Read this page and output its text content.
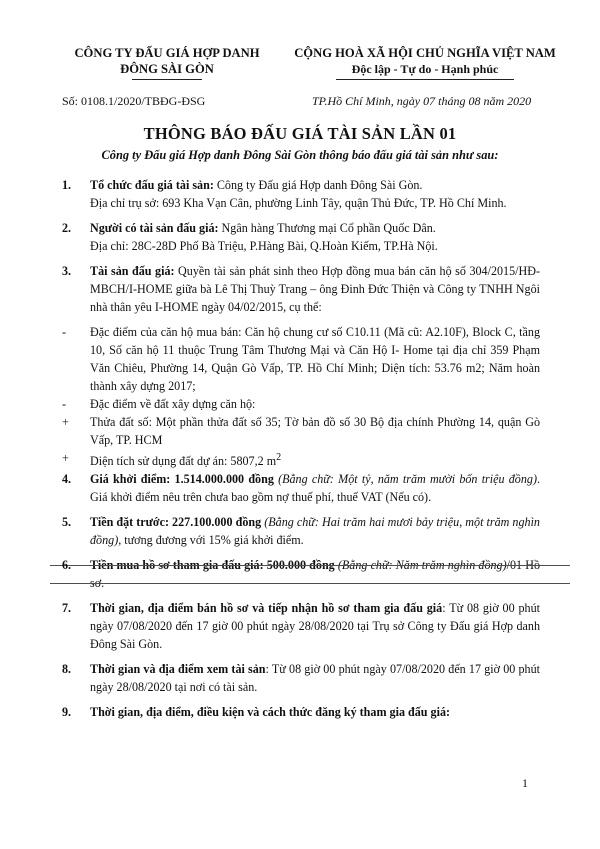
CÔNG TY ĐẤU GIÁ HỢP DANH
ĐÔNG SÀI GÒN
CỘNG HOÀ XÃ HỘI CHỦ NGHĨA VIỆT NAM
Độc lập - Tự do - Hạnh phúc
Số: 0108.1/2020/TBĐG-ĐSG	TP.Hồ Chí Minh, ngày 07 tháng 08 năm 2020
THÔNG BÁO ĐẤU GIÁ TÀI SẢN LẦN 01
Công ty Đấu giá Hợp danh Đông Sài Gòn thông báo đấu giá tài sản như sau:
1. Tổ chức đấu giá tài sản: Công ty Đấu giá Hợp danh Đông Sài Gòn.
Địa chỉ trụ sở: 693 Kha Vạn Cân, phường Linh Tây, quận Thủ Đức, TP. Hồ Chí Minh.
2. Người có tài sản đấu giá: Ngân hàng Thương mại Cổ phần Quốc Dân.
Địa chỉ: 28C-28D Phố Bà Triệu, P.Hàng Bài, Q.Hoàn Kiếm, TP.Hà Nội.
3. Tài sản đấu giá: Quyền tài sản phát sinh theo Hợp đồng mua bán căn hộ số 304/2015/HĐ-MBCH/I-HOME giữa bà Lê Thị Thuỳ Trang – ông Đinh Đức Thiện và Công ty TNHH Ngôi nhà thân yêu I-HOME ngày 04/02/2015, cụ thể:
- Đặc điểm của căn hộ mua bán: Căn hộ chung cư số C10.11 (Mã cũ: A2.10F), Block C, tầng 10, Số căn hộ 11 thuộc Trung Tâm Thương Mại và Căn Hộ I- Home tại địa chỉ 359 Phạm Văn Chiêu, Phường 14, Quận Gò Vấp, TP. Hồ Chí Minh; Diện tích: 53.76 m2; Năm hoàn thành xây dựng 2017;
- Đặc điểm về đất xây dựng căn hộ:
+ Thửa đất số: Một phần thửa đất số 35; Tờ bản đồ số 30 Bộ địa chính Phường 14, quận Gò Vấp, TP. HCM
+ Diện tích sử dụng đất dự án: 5807,2 $m^2$
4. Giá khởi điểm: 1.514.000.000 đồng (Bằng chữ: Một tỷ, năm trăm mười bốn triệu đồng). Giá khởi điểm nêu trên chưa bao gồm nợ thuế phí, thuế VAT (Nếu có).
5. Tiền đặt trước: 227.100.000 đồng (Bằng chữ: Hai trăm hai mươi bảy triệu, một trăm nghìn đồng), tương đương với 15% giá khởi điểm.
6. Tiền mua hồ sơ tham gia đấu giá: 500.000 đồng (Bằng chữ: Năm trăm nghìn đồng)/01 Hồ sơ.
7. Thời gian, địa điểm bán hồ sơ và tiếp nhận hồ sơ tham gia đấu giá: Từ 08 giờ 00 phút ngày 07/08/2020 đến 17 giờ 00 phút ngày 28/08/2020 tại Trụ sở Công ty Đấu giá Hợp danh Đông Sài Gòn.
8. Thời gian và địa điểm xem tài sản: Từ 08 giờ 00 phút ngày 07/08/2020 đến 17 giờ 00 phút ngày 28/08/2020 tại nơi có tài sản.
9. Thời gian, địa điểm, điều kiện và cách thức đăng ký tham gia đấu giá:
1
